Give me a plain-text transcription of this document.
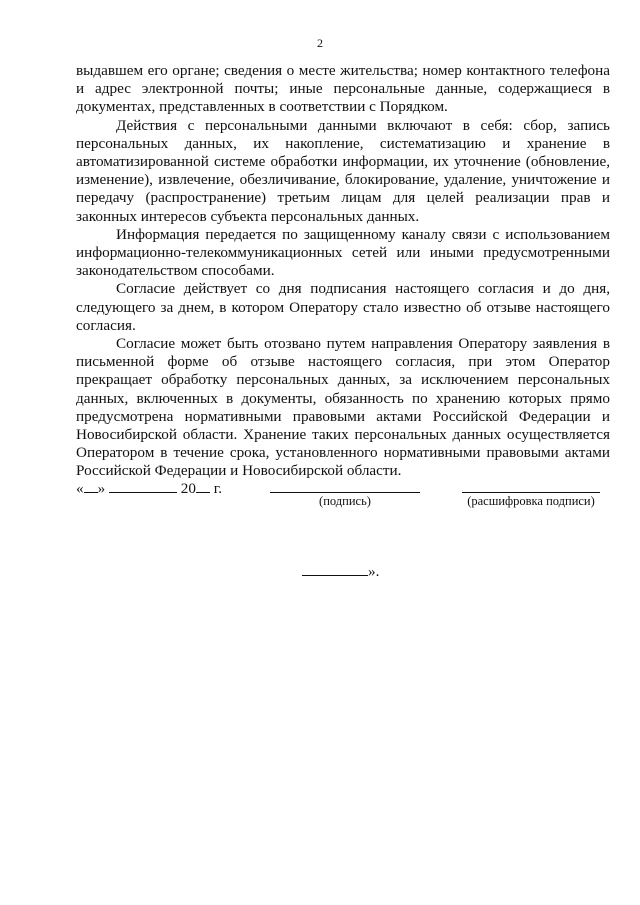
2

выдавшем его органе; сведения о месте жительства; номер контактного телефона и адрес электронной почты; иные персональные данные, содержащиеся в документах, представленных в соответствии с Порядком.

Действия с персональными данными включают в себя: сбор, запись персональных данных, их накопление, систематизацию и хранение в автоматизированной системе обработки информации, их уточнение (обновление, изменение), извлечение, обезличивание, блокирование, удаление, уничтожение и передачу (распространение) третьим лицам для целей реализации прав и законных интересов субъекта персональных данных.

Информация передается по защищенному каналу связи с использованием информационно-телекоммуникационных сетей или иными предусмотренными законодательством способами.

Согласие действует со дня подписания настоящего согласия и до дня, следующего за днем, в котором Оператору стало известно об отзыве настоящего согласия.

Согласие может быть отозвано путем направления Оператору заявления в письменной форме об отзыве настоящего согласия, при этом Оператор прекращает обработку персональных данных, за исключением персональных данных, включенных в документы, обязанность по хранению которых прямо предусмотрена нормативными правовыми актами Российской Федерации и Новосибирской области. Хранение таких персональных данных осуществляется Оператором в течение срока, установленного нормативными правовыми актами Российской Федерации и Новосибирской области.

« »	20 г.
(подпись)	(расшифровка подписи)
».
